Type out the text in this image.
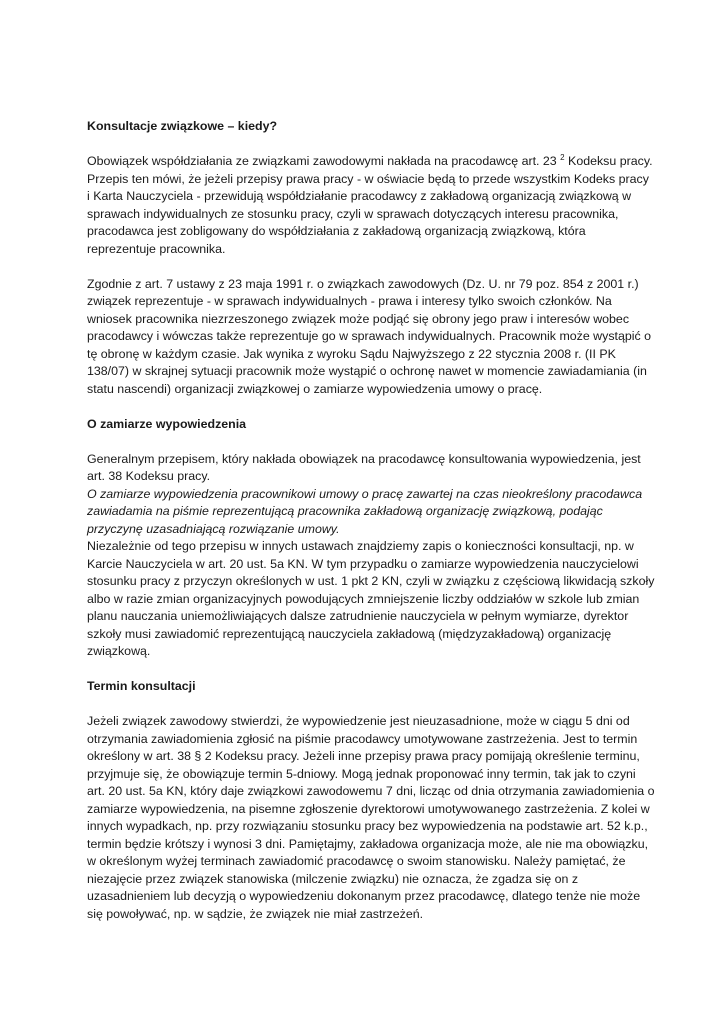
Konsultacje związkowe – kiedy?

Obowiązek współdziałania ze związkami zawodowymi nakłada na pracodawcę art. 23 $^2$ Kodeksu pracy. Przepis ten mówi, że jeżeli przepisy prawa pracy - w oświacie będą to przede wszystkim Kodeks pracy i Karta Nauczyciela - przewidują współdziałanie pracodawcy z zakładową organizacją związkową w sprawach indywidualnych ze stosunku pracy, czyli w sprawach dotyczących interesu pracownika, pracodawca jest zobligowany do współdziałania z zakładową organizacją związkową, która reprezentuje pracownika.

Zgodnie z art. 7 ustawy z 23 maja 1991 r. o związkach zawodowych (Dz. U. nr 79 poz. 854 z 2001 r.) związek reprezentuje - w sprawach indywidualnych - prawa i interesy tylko swoich członków. Na wniosek pracownika niezrzeszonego związek może podjąć się obrony jego praw i interesów wobec pracodawcy i wówczas także reprezentuje go w sprawach indywidualnych. Pracownik może wystąpić o tę obronę w każdym czasie. Jak wynika z wyroku Sądu Najwyższego z 22 stycznia 2008 r. (II PK 138/07) w skrajnej sytuacji pracownik może wystąpić o ochronę nawet w momencie zawiadamiania (in statu nascendi) organizacji związkowej o zamiarze wypowiedzenia umowy o pracę.

O zamiarze wypowiedzenia

Generalnym przepisem, który nakłada obowiązek na pracodawcę konsultowania wypowiedzenia, jest art. 38 Kodeksu pracy.

O zamiarze wypowiedzenia pracownikowi umowy o pracę zawartej na czas nieokreślony pracodawca zawiadamia na piśmie reprezentującą pracownika zakładową organizację związkową, podając przyczynę uzasadniającą rozwiązanie umowy.

Niezależnie od tego przepisu w innych ustawach znajdziemy zapis o konieczności konsultacji, np. w Karcie Nauczyciela w art. 20 ust. 5a KN. W tym przypadku o zamiarze wypowiedzenia nauczycielowi stosunku pracy z przyczyn określonych w ust. 1 pkt 2 KN, czyli w związku z częściową likwidacją szkoły albo w razie zmian organizacyjnych powodujących zmniejszenie liczby oddziałów w szkole lub zmian planu nauczania uniemożliwiających dalsze zatrudnienie nauczyciela w pełnym wymiarze, dyrektor szkoły musi zawiadomić reprezentującą nauczyciela zakładową (międzyzakładową) organizację związkową.

Termin konsultacji

Jeżeli związek zawodowy stwierdzi, że wypowiedzenie jest nieuzasadnione, może w ciągu 5 dni od otrzymania zawiadomienia zgłosić na piśmie pracodawcy umotywowane zastrzeżenia. Jest to termin określony w art. 38 § 2 Kodeksu pracy. Jeżeli inne przepisy prawa pracy pomijają określenie terminu, przyjmuje się, że obowiązuje termin 5-dniowy. Mogą jednak proponować inny termin, tak jak to czyni art. 20 ust. 5a KN, który daje związkowi zawodowemu 7 dni, licząc od dnia otrzymania zawiadomienia o zamiarze wypowiedzenia, na pisemne zgłoszenie dyrektorowi umotywowanego zastrzeżenia. Z kolei w innych wypadkach, np. przy rozwiązaniu stosunku pracy bez wypowiedzenia na podstawie art. 52 k.p., termin będzie krótszy i wynosi 3 dni. Pamiętajmy, zakładowa organizacja może, ale nie ma obowiązku, w określonym wyżej terminach zawiadomić pracodawcę o swoim stanowisku. Należy pamiętać, że niezajęcie przez związek stanowiska (milczenie związku) nie oznacza, że zgadza się on z uzasadnieniem lub decyzją o wypowiedzeniu dokonanym przez pracodawcę, dlatego tenże nie może się powoływać, np. w sądzie, że związek nie miał zastrzeżeń.
